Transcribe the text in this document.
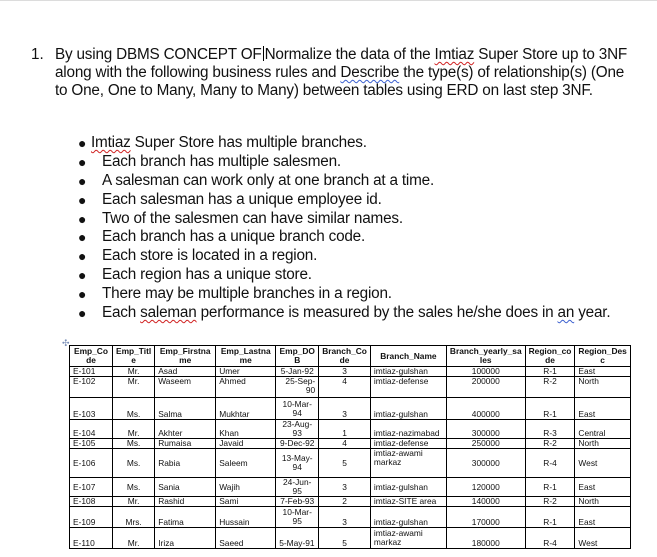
1. By using DBMS CONCEPT OF Normalize the data of the Imtiaz Super Store up to 3NF along with the following business rules and Describe the type(s) of relationship(s) (One to One, One to Many, Many to Many) between tables using ERD on last step 3NF.
● Imtiaz Super Store has multiple branches.
● Each branch has multiple salesmen.
● A salesman can work only at one branch at a time.
● Each salesman has a unique employee id.
● Two of the salesmen can have similar names.
● Each branch has a unique branch code.
● Each store is located in a region.
● Each region has a unique store.
● There may be multiple branches in a region.
● Each saleman performance is measured by the sales he/she does in an year.
✣
Emp_Co de	Emp_Titl e	Emp_Firstna me	Emp_Lastna me	Emp_DO B	Branch_Co de	Branch_Name	Branch_yearly_sa les	Region_co de	Region_Des c
E-101	Mr.	Asad	Umer	5-Jan-92	3	imtiaz-gulshan	100000	R-1	East
E-102	Mr.	Waseem	Ahmed	25-Sep-90	4	imtiaz-defense	200000	R-2	North
E-103	Ms.	Salma	Mukhtar	10-Mar-94	3	imtiaz-gulshan	400000	R-1	East
E-104	Mr.	Akhter	Khan	23-Aug-93	1	imtiaz-nazimabad	300000	R-3	Central
E-105	Ms.	Rumaisa	Javaid	9-Dec-92	4	imtiaz-defense	250000	R-2	North
E-106	Ms.	Rabia	Saleem	13-May-94	5	imtiaz-awami markaz	300000	R-4	West
E-107	Ms.	Sania	Wajih	24-Jun-95	3	imtiaz-gulshan	120000	R-1	East
E-108	Mr.	Rashid	Sami	7-Feb-93	2	imtiaz-SITE area	140000	R-2	North
E-109	Mrs.	Fatima	Hussain	10-Mar-95	3	imtiaz-gulshan	170000	R-1	East
E-110	Mr.	Iriza	Saeed	5-May-91	5	imtiaz-awami markaz	180000	R-4	West
